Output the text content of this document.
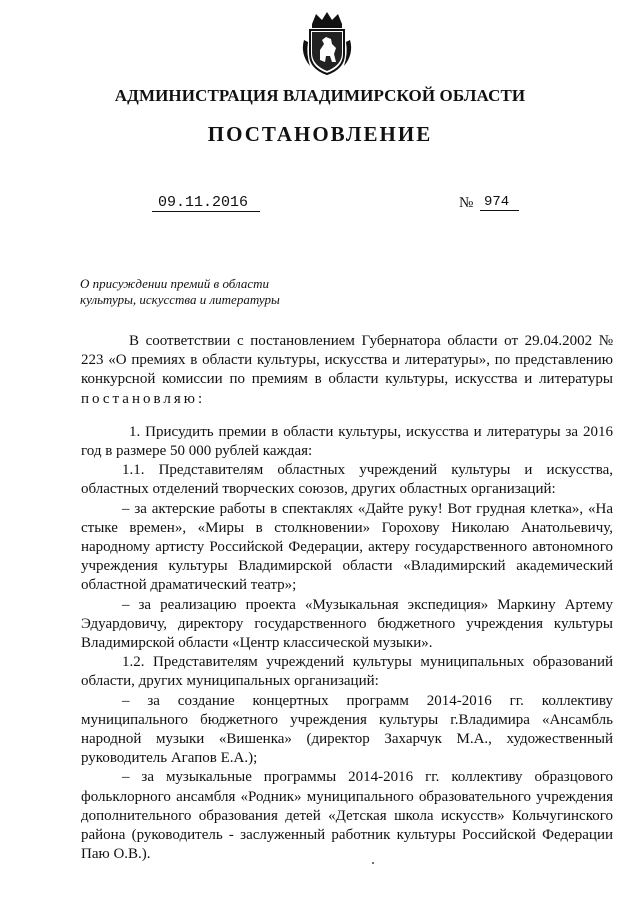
АДМИНИСТРАЦИЯ ВЛАДИМИРСКОЙ ОБЛАСТИ
ПОСТАНОВЛЕНИЕ
09.11.2016	№ 974
О присуждении премий в области
культуры, искусства и литературы

В соответствии с постановлением Губернатора области от 29.04.2002 № 223 «О премиях в области культуры, искусства и литературы», по представлению конкурсной комиссии по премиям в области культуры, искусства и литературы постановляю:

1. Присудить премии в области культуры, искусства и литературы за 2016 год в размере 50 000 рублей каждая:

1.1. Представителям областных учреждений культуры и искусства, областных отделений творческих союзов, других областных организаций:

– за актерские работы в спектаклях «Дайте руку! Вот грудная клетка», «На стыке времен», «Миры в столкновении» Горохову Николаю Анатольевичу, народному артисту Российской Федерации, актеру государственного автономного учреждения культуры Владимирской области «Владимирский академический областной драматический театр»;

– за реализацию проекта «Музыкальная экспедиция» Маркину Артему Эдуардовичу, директору государственного бюджетного учреждения культуры Владимирской области «Центр классической музыки».

1.2. Представителям учреждений культуры муниципальных образований области, других муниципальных организаций:

– за создание концертных программ 2014-2016 гг. коллективу муниципального бюджетного учреждения культуры г.Владимира «Ансамбль народной музыки «Вишенка» (директор Захарчук М.А., художественный руководитель Агапов Е.А.);

– за музыкальные программы 2014-2016 гг. коллективу образцового фольклорного ансамбля «Родник» муниципального образовательного учреждения дополнительного образования детей «Детская школа искусств» Кольчугинского района (руководитель - заслуженный работник культуры Российской Федерации Паю О.В.).
